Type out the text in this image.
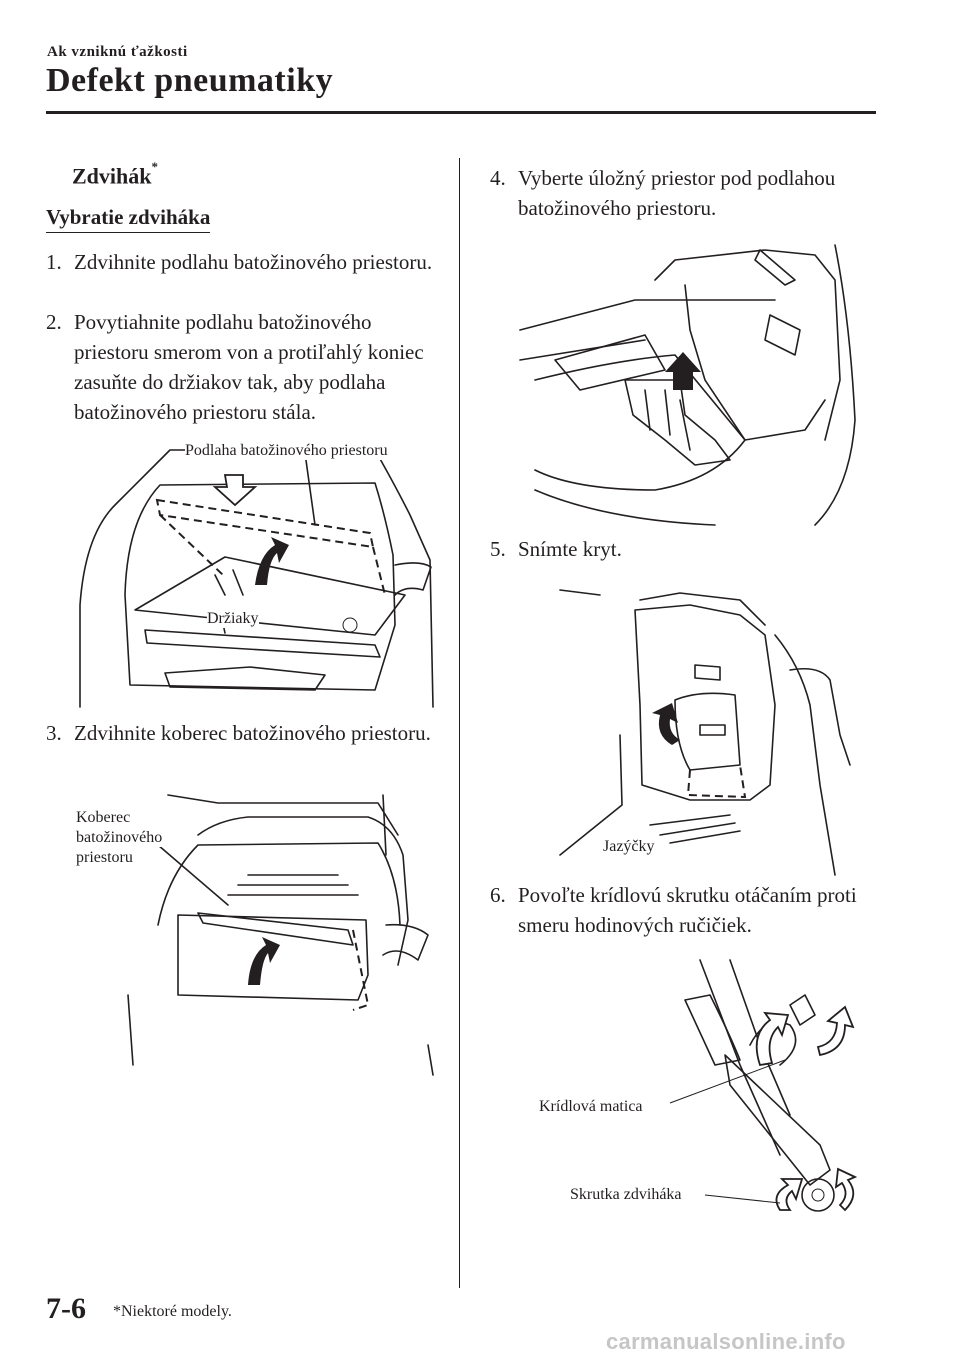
Ak vzniknú ťažkosti
Defekt pneumatiky
Zdvihák*
Vybratie zdviháka
1. Zdvihnite podlahu batožinového priestoru.
2. Povytiahnite podlahu batožinového priestoru smerom von a protiľahlý koniec zasuňte do držiakov tak, aby podlaha batožinového priestoru stála.
Podlaha batožinového priestoru
Držiaky
3. Zdvihnite koberec batožinového priestoru.
Koberec
batožinového
priestoru
4. Vyberte úložný priestor pod podlahou batožinového priestoru.
5. Snímte kryt.
Jazýčky
6. Povoľte krídlovú skrutku otáčaním proti smeru hodinových ručičiek.
Krídlová matica
Skrutka zdviháka
7-6 *Niektoré modely.
carmanualsonline.info
